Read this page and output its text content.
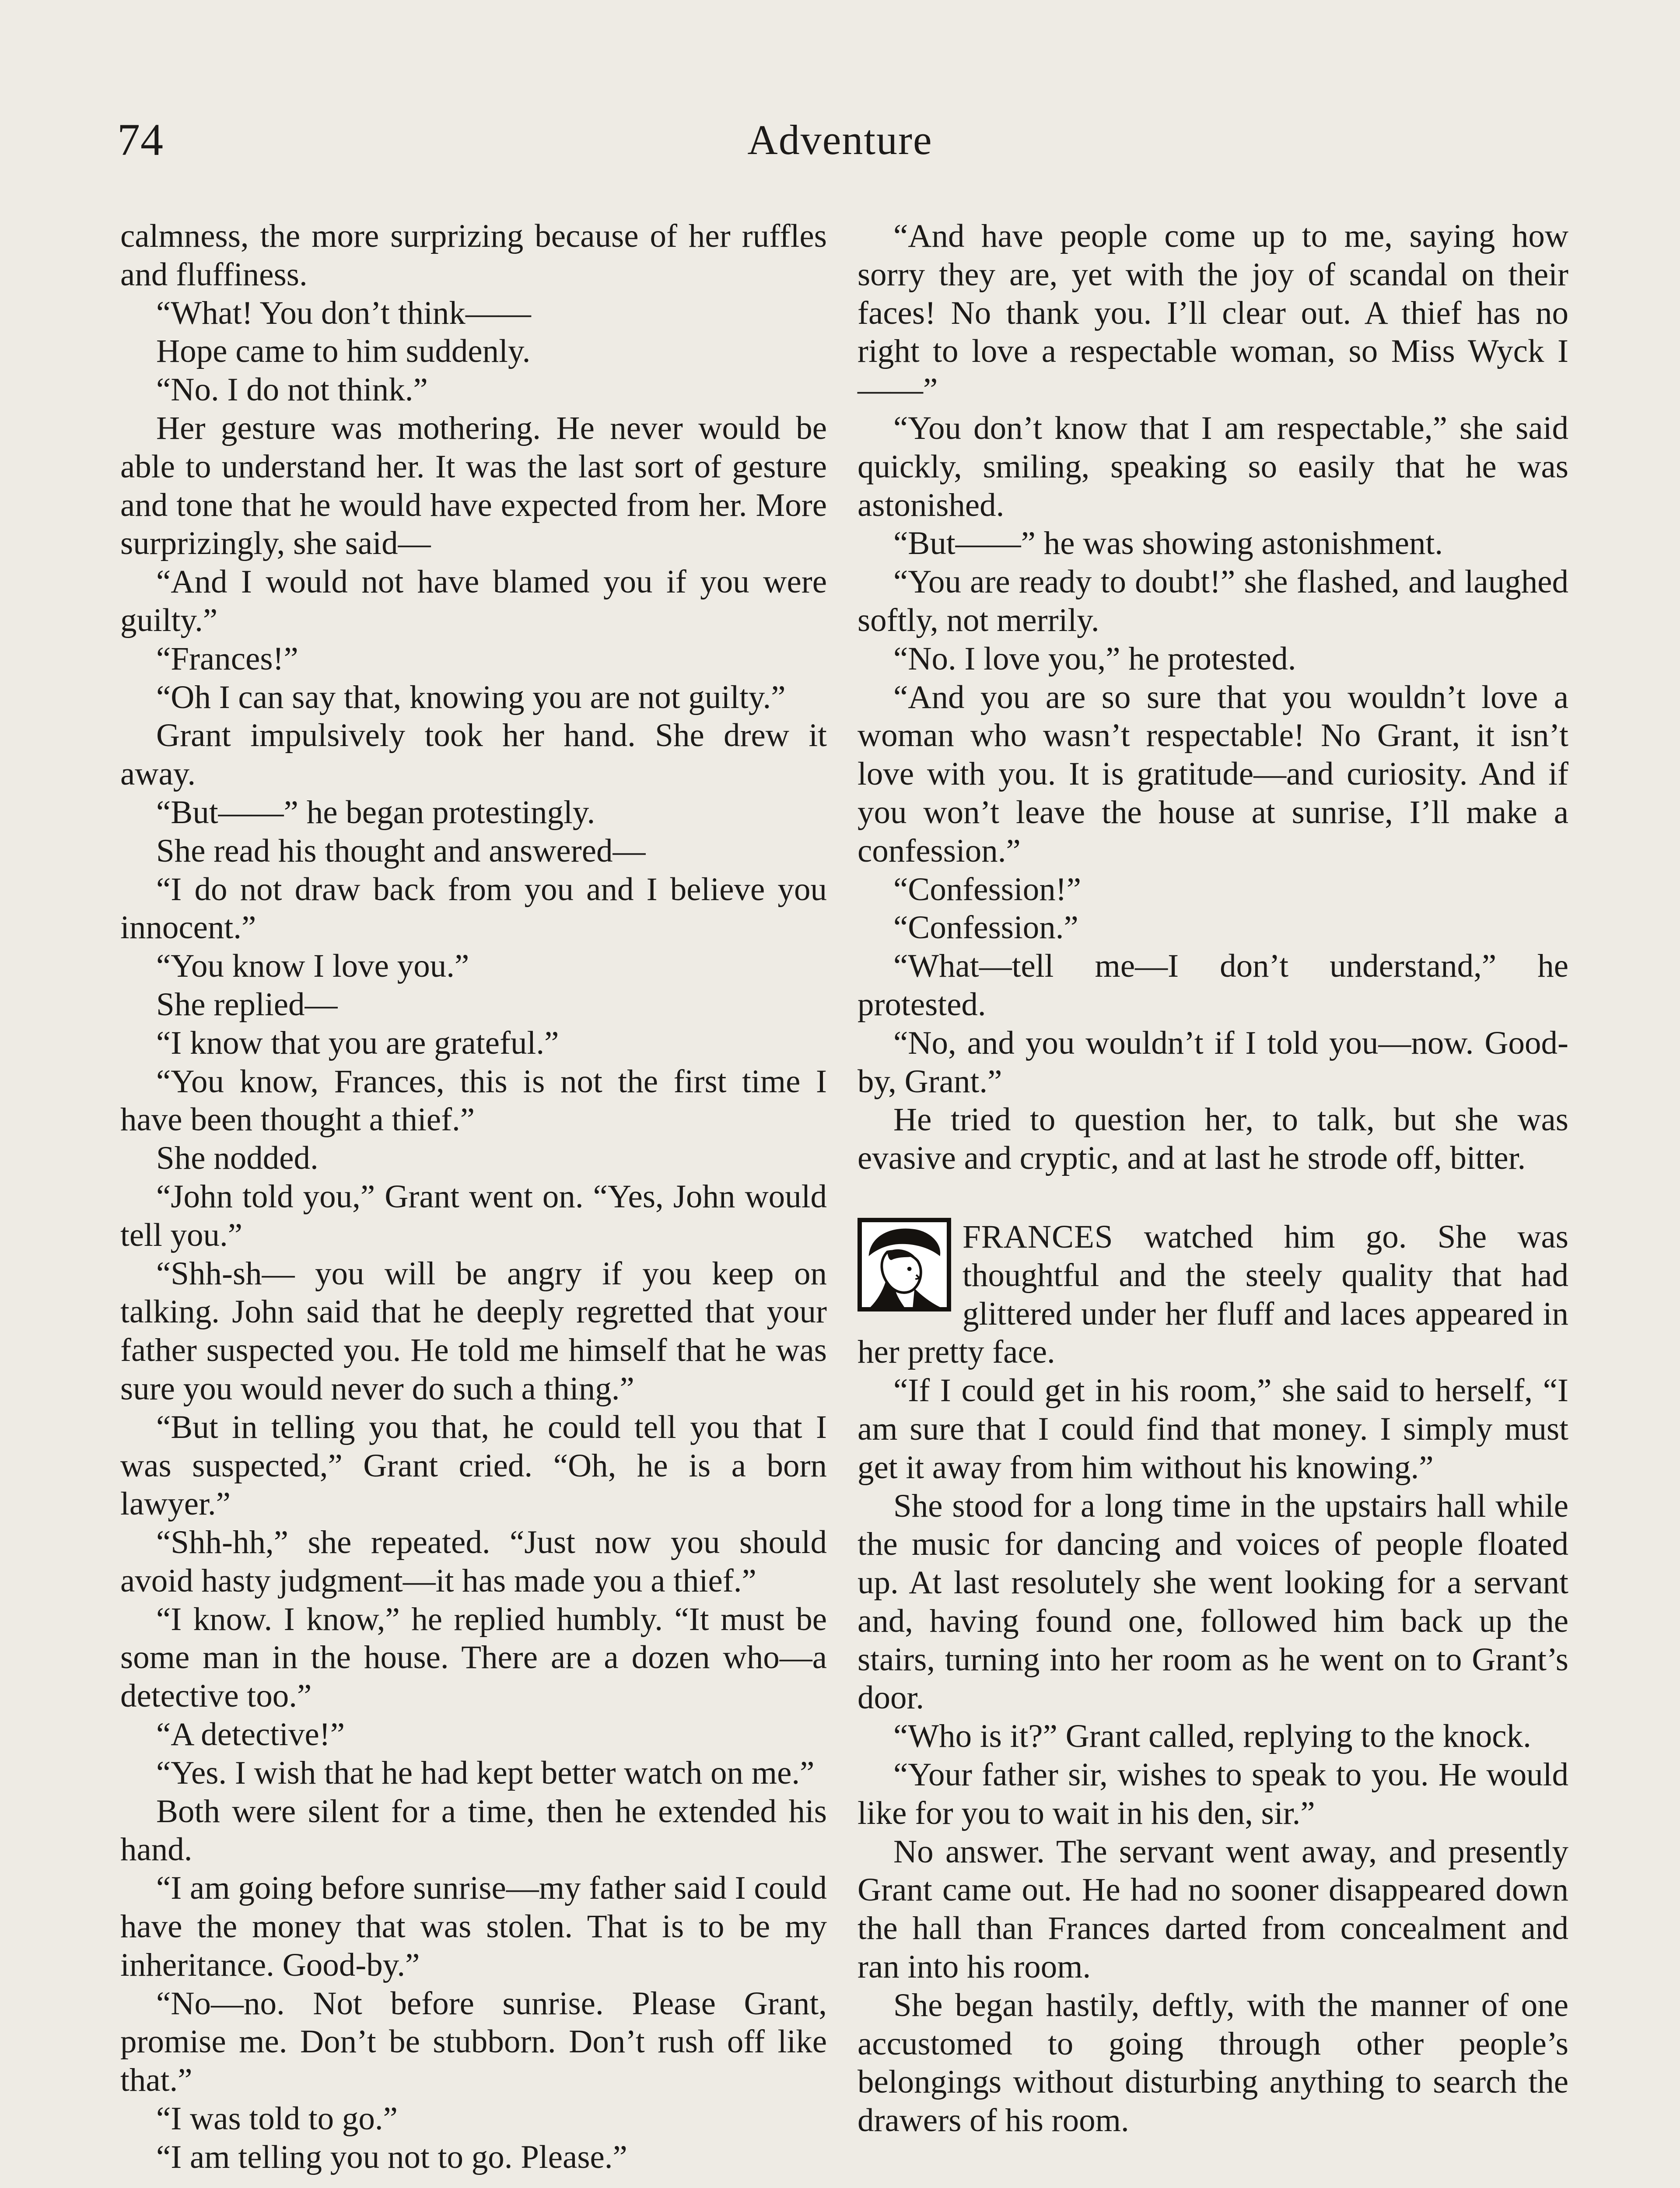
74	Adventure

calmness, the more surprizing because of her ruffles and fluffiness.

“What! You don’t think——

Hope came to him suddenly.

“No. I do not think.”

Her gesture was mothering. He never would be able to understand her. It was the last sort of gesture and tone that he would have expected from her. More surprizingly, she said—

“And I would not have blamed you if you were guilty.”

“Frances!”

“Oh I can say that, knowing you are not guilty.”

Grant impulsively took her hand. She drew it away.

“But——” he began protestingly.

She read his thought and answered—

“I do not draw back from you and I believe you innocent.”

“You know I love you.”

She replied—

“I know that you are grateful.”

“You know, Frances, this is not the first time I have been thought a thief.”

She nodded.

“John told you,” Grant went on. “Yes, John would tell you.”

“Shh-sh— you will be angry if you keep on talking. John said that he deeply regretted that your father suspected you. He told me himself that he was sure you would never do such a thing.”

“But in telling you that, he could tell you that I was suspected,” Grant cried. “Oh, he is a born lawyer.”

“Shh-hh,” she repeated. “Just now you should avoid hasty judgment—it has made you a thief.”

“I know. I know,” he replied humbly. “It must be some man in the house. There are a dozen who—a detective too.”

“A detective!”

“Yes. I wish that he had kept better watch on me.”

Both were silent for a time, then he extended his hand.

“I am going before sunrise—my father said I could have the money that was stolen. That is to be my inheritance. Good-by.”

“No—no. Not before sunrise. Please Grant, promise me. Don’t be stubborn. Don’t rush off like that.”

“I was told to go.”

“I am telling you not to go. Please.”

“And have people come up to me, saying how sorry they are, yet with the joy of scandal on their faces! No thank you. I’ll clear out. A thief has no right to love a respectable woman, so Miss Wyck I——”

“You don’t know that I am respectable,” she said quickly, smiling, speaking so easily that he was astonished.

“But——” he was showing astonishment.

“You are ready to doubt!” she flashed, and laughed softly, not merrily.

“No. I love you,” he protested.

“And you are so sure that you wouldn’t love a woman who wasn’t respectable! No Grant, it isn’t love with you. It is gratitude—and curiosity. And if you won’t leave the house at sunrise, I’ll make a confession.”

“Confession!”

“Confession.”

“What—tell me—I don’t understand,” he protested.

“No, and you wouldn’t if I told you—now. Good-by, Grant.”

He tried to question her, to talk, but she was evasive and cryptic, and at last he strode off, bitter.

FRANCES watched him go. She was thoughtful and the steely quality that had glittered under her fluff and laces appeared in her pretty face.

“If I could get in his room,” she said to herself, “I am sure that I could find that money. I simply must get it away from him without his knowing.”

She stood for a long time in the upstairs hall while the music for dancing and voices of people floated up. At last resolutely she went looking for a servant and, having found one, followed him back up the stairs, turning into her room as he went on to Grant’s door.

“Who is it?” Grant called, replying to the knock.

“Your father sir, wishes to speak to you. He would like for you to wait in his den, sir.”

No answer. The servant went away, and presently Grant came out. He had no sooner disappeared down the hall than Frances darted from concealment and ran into his room.

She began hastily, deftly, with the manner of one accustomed to going through other people’s belongings without disturbing anything to search the drawers of his room.
